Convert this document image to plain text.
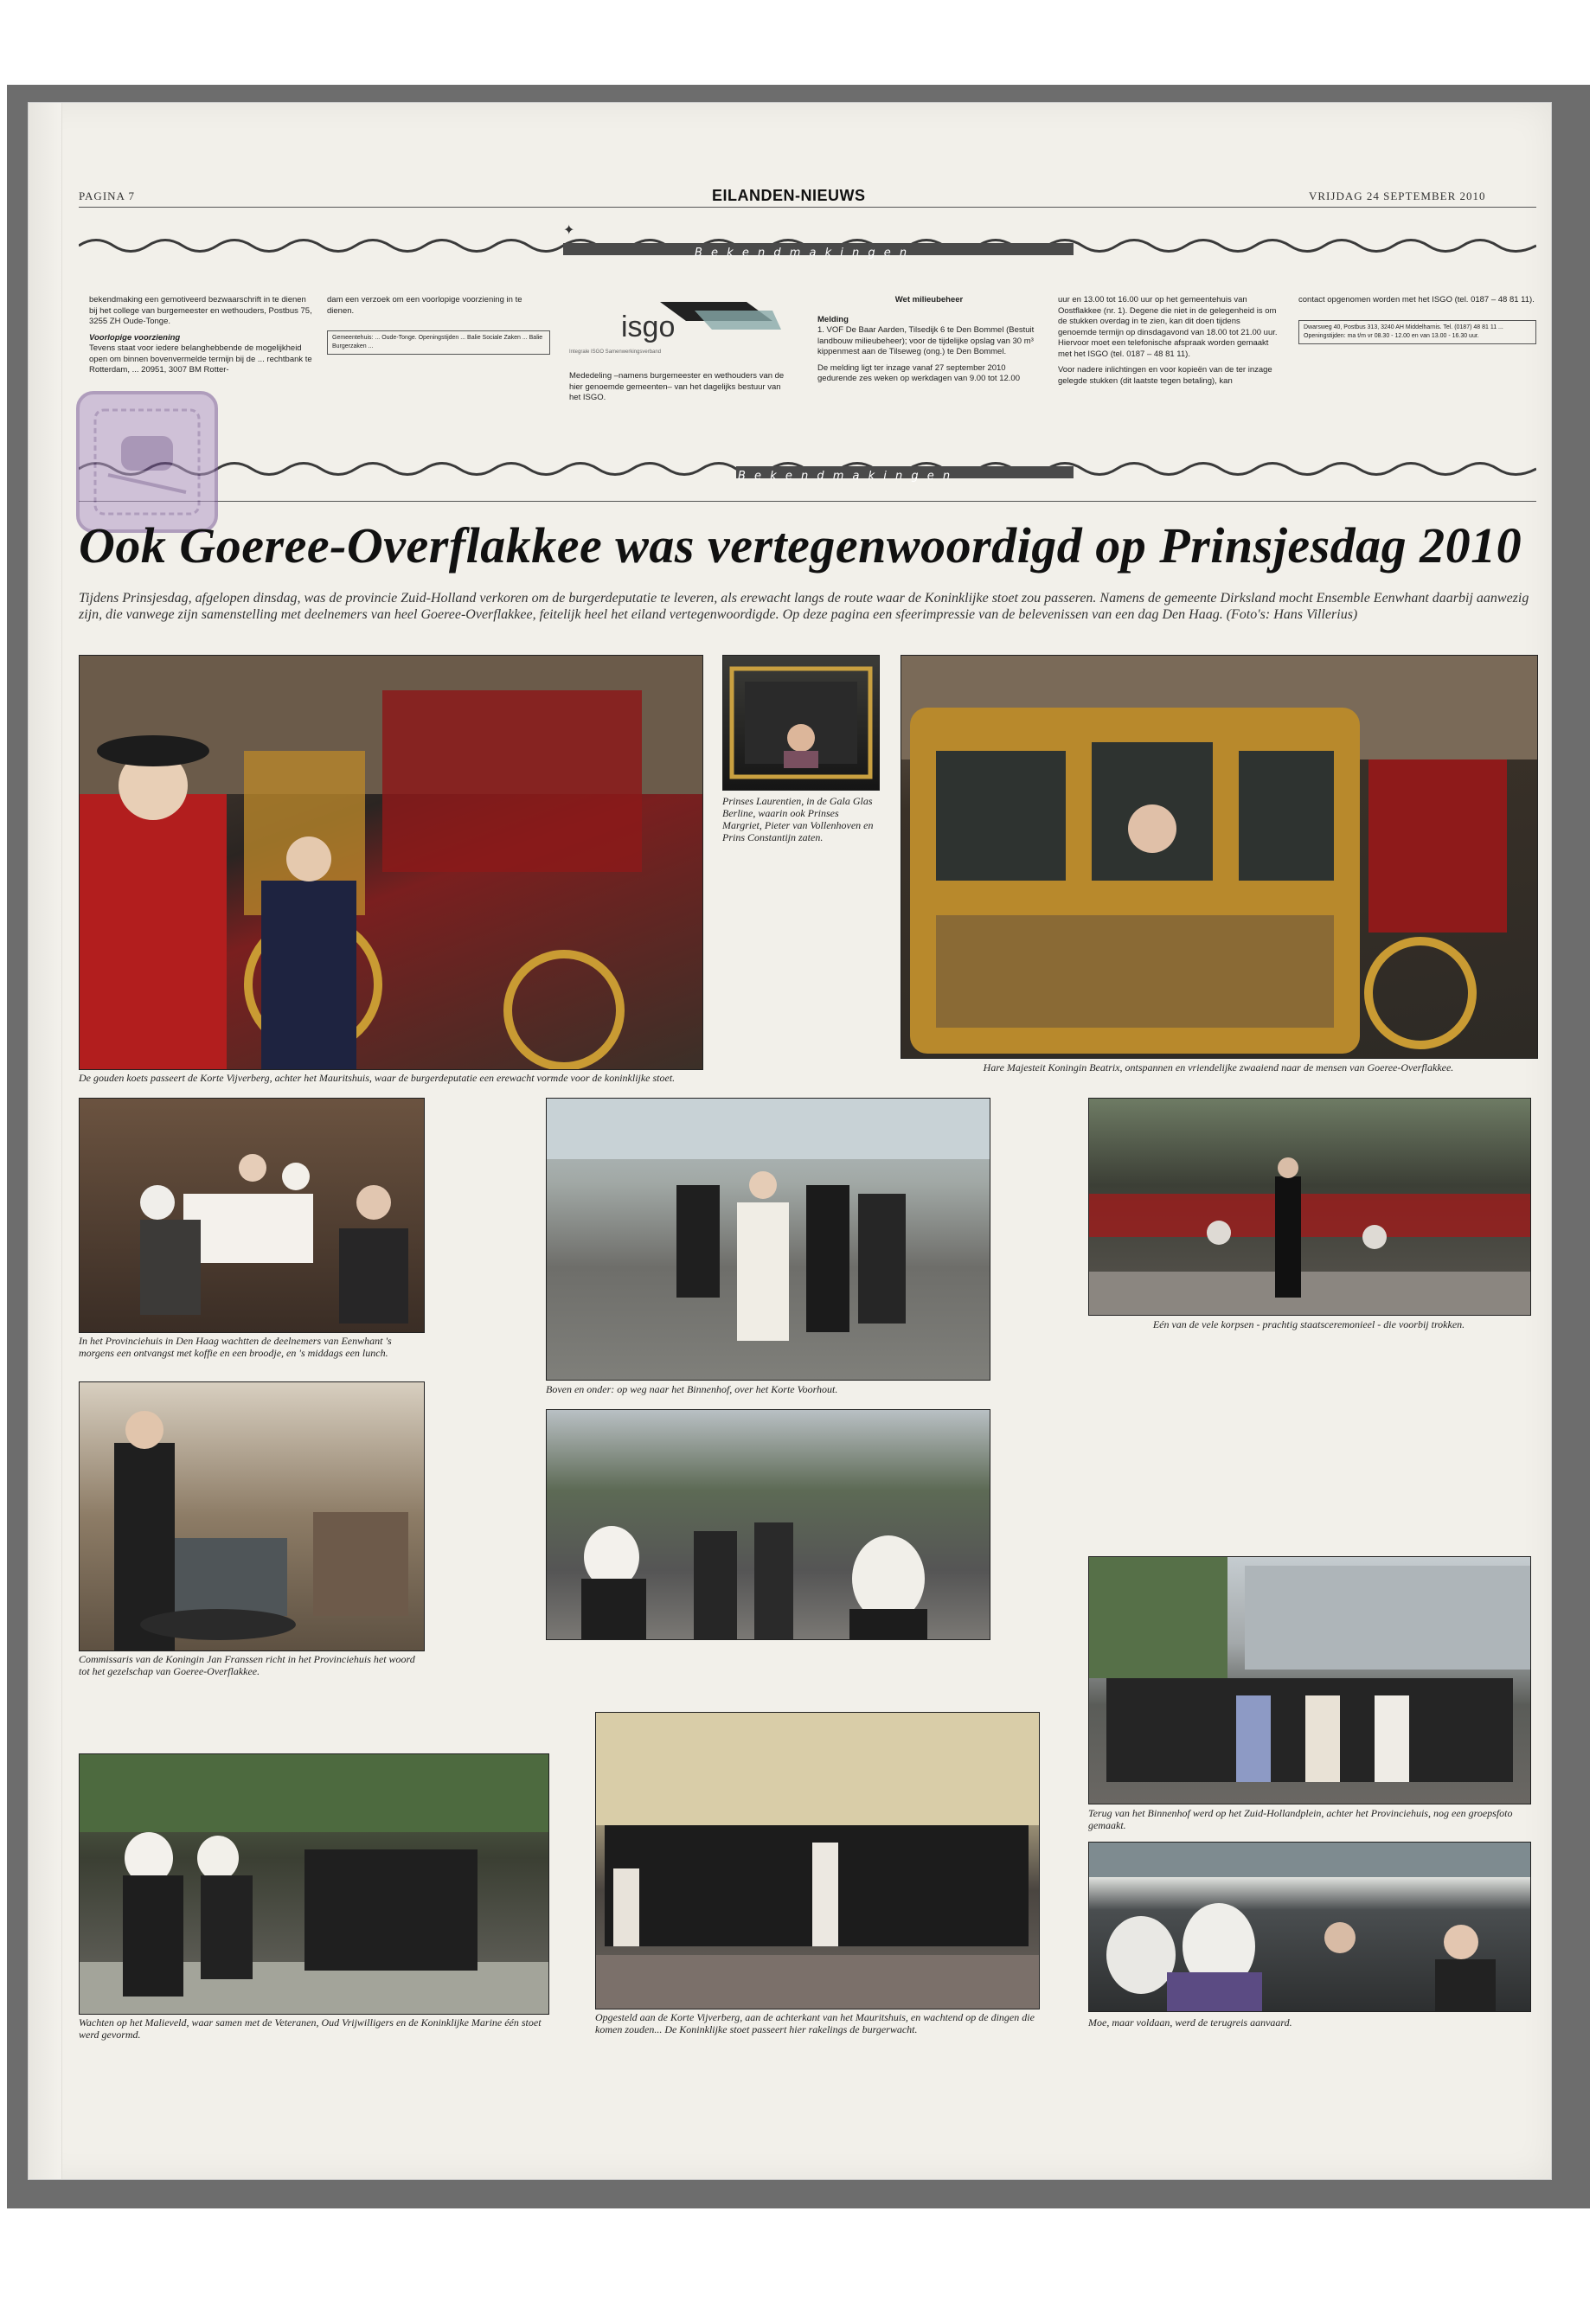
PAGINA 7	EILANDEN-NIEUWS	VRIJDAG 24 SEPTEMBER 2010
✦
B e k e n d m a k i n g e n
bekendmaking een gemotiveerd bezwaarschrift in te dienen bij het college van burgemeester en wethouders, Postbus 75, 3255 ZH Oude-Tonge.
Voorlopige voorziening
Tevens staat voor iedere belanghebbende de mogelijkheid open om binnen bovenvermelde termijn bij de ... rechtbank te Rotterdam, ... 20951, 3007 BM Rotter-
dam een verzoek om een voorlopige voorziening in te dienen.
Gemeentehuis: ... Oude-Tonge. Openingstijden ... Balie Sociale Zaken ... Balie Burgerzaken ...
isgo
Integrale ISGO Samenwerkingsverband
Mededeling –namens burgemeester en wethouders van de hier genoemde gemeenten– van het dagelijks bestuur van het ISGO.
Wet milieubeheer
Melding
1. VOF De Baar Aarden, Tilsedijk 6 te Den Bommel (Bestuit landbouw milieubeheer); voor de tijdelijke opslag van 30 m³ kippenmest aan de Tilseweg (ong.) te Den Bommel.
De melding ligt ter inzage vanaf 27 september 2010 gedurende zes weken op werkdagen van 9.00 tot 12.00
uur en 13.00 tot 16.00 uur op het gemeentehuis van Oostflakkee (nr. 1). Degene die niet in de gelegenheid is om de stukken overdag in te zien, kan dit doen tijdens genoemde termijn op dinsdagavond van 18.00 tot 21.00 uur. Hiervoor moet een telefonische afspraak worden gemaakt met het ISGO (tel. 0187 – 48 81 11).
Voor nadere inlichtingen en voor kopieën van de ter inzage gelegde stukken (dit laatste tegen betaling), kan
contact opgenomen worden met het ISGO (tel. 0187 – 48 81 11).
Dwarsweg 40, Postbus 313, 3240 AH Middelharnis. Tel. (0187) 48 81 11 ... Openingstijden: ma t/m vr 08.30 - 12.00 en van 13.00 - 16.30 uur.
B e k e n d m a k i n g e n
Ook Goeree-Overflakkee was vertegenwoordigd op Prinsjesdag 2010
Tijdens Prinsjesdag, afgelopen dinsdag, was de provincie Zuid-Holland verkoren om de burgerdeputatie te leveren, als erewacht langs de route waar de Koninklijke stoet zou passeren. Namens de gemeente Dirksland mocht Ensemble Eenwhant daarbij aanwezig zijn, die vanwege zijn samenstelling met deelnemers van heel Goeree-Overflakkee, feitelijk heel het eiland vertegenwoordigde. Op deze pagina een sfeerimpressie van de belevenissen van een dag Den Haag. (Foto's: Hans Villerius)
De gouden koets passeert de Korte Vijverberg, achter het Mauritshuis, waar de burgerdeputatie een erewacht vormde voor de koninklijke stoet.
Prinses Laurentien, in de Gala Glas Berline, waarin ook Prinses Margriet, Pieter van Vollenhoven en Prins Constantijn zaten.
Hare Majesteit Koningin Beatrix, ontspannen en vriendelijke zwaaiend naar de mensen van Goeree-Overflakkee.
In het Provinciehuis in Den Haag wachtten de deelnemers van Eenwhant 's morgens een ontvangst met koffie en een broodje, en 's middags een lunch.
Boven en onder: op weg naar het Binnenhof, over het Korte Voorhout.
Eén van de vele korpsen - prachtig staatsceremonieel - die voorbij trokken.
Commissaris van de Koningin Jan Franssen richt in het Provinciehuis het woord tot het gezelschap van Goeree-Overflakkee.
Terug van het Binnenhof werd op het Zuid-Hollandplein, achter het Provinciehuis, nog een groepsfoto gemaakt.
Wachten op het Malieveld, waar samen met de Veteranen, Oud Vrijwilligers en de Koninklijke Marine één stoet werd gevormd.
Opgesteld aan de Korte Vijverberg, aan de achterkant van het Mauritshuis, en wachtend op de dingen die komen zouden... De Koninklijke stoet passeert hier rakelings de burgerwacht.
Moe, maar voldaan, werd de terugreis aanvaard.
